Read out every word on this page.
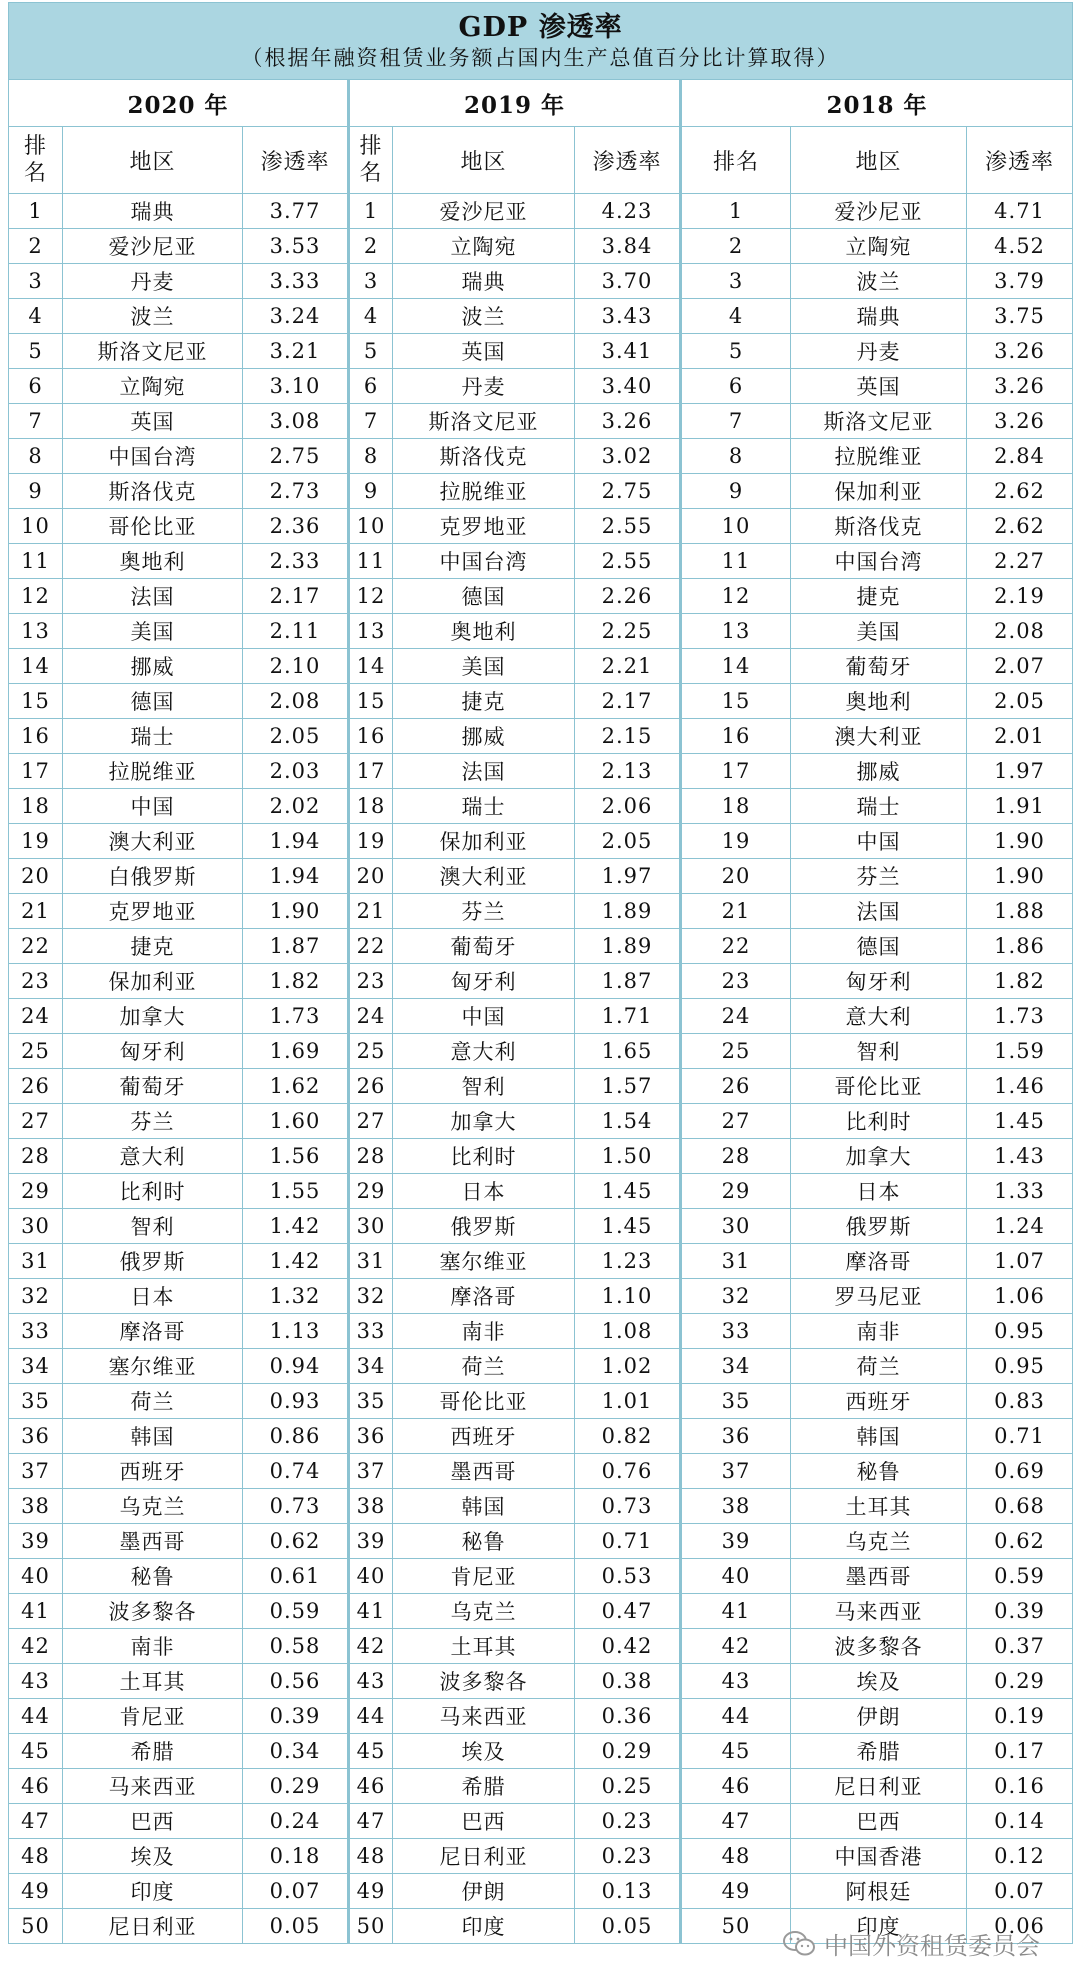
GDP 渗透率
（根据年融资租赁业务额占国内生产总值百分比计算取得）								

2020 年			2019 年			2018 年		
排名	地区	渗透率	排名	地区	渗透率	排名	地区	渗透率
1	瑞典	3.77	1	爱沙尼亚	4.23	1	爱沙尼亚	4.71
2	爱沙尼亚	3.53	2	立陶宛	3.84	2	立陶宛	4.52
3	丹麦	3.33	3	瑞典	3.70	3	波兰	3.79
4	波兰	3.24	4	波兰	3.43	4	瑞典	3.75
5	斯洛文尼亚	3.21	5	英国	3.41	5	丹麦	3.26
6	立陶宛	3.10	6	丹麦	3.40	6	英国	3.26
7	英国	3.08	7	斯洛文尼亚	3.26	7	斯洛文尼亚	3.26
8	中国台湾	2.75	8	斯洛伐克	3.02	8	拉脱维亚	2.84
9	斯洛伐克	2.73	9	拉脱维亚	2.75	9	保加利亚	2.62
10	哥伦比亚	2.36	10	克罗地亚	2.55	10	斯洛伐克	2.62
11	奥地利	2.33	11	中国台湾	2.55	11	中国台湾	2.27
12	法国	2.17	12	德国	2.26	12	捷克	2.19
13	美国	2.11	13	奥地利	2.25	13	美国	2.08
14	挪威	2.10	14	美国	2.21	14	葡萄牙	2.07
15	德国	2.08	15	捷克	2.17	15	奥地利	2.05
16	瑞士	2.05	16	挪威	2.15	16	澳大利亚	2.01
17	拉脱维亚	2.03	17	法国	2.13	17	挪威	1.97
18	中国	2.02	18	瑞士	2.06	18	瑞士	1.91
19	澳大利亚	1.94	19	保加利亚	2.05	19	中国	1.90
20	白俄罗斯	1.94	20	澳大利亚	1.97	20	芬兰	1.90
21	克罗地亚	1.90	21	芬兰	1.89	21	法国	1.88
22	捷克	1.87	22	葡萄牙	1.89	22	德国	1.86
23	保加利亚	1.82	23	匈牙利	1.87	23	匈牙利	1.82
24	加拿大	1.73	24	中国	1.71	24	意大利	1.73
25	匈牙利	1.69	25	意大利	1.65	25	智利	1.59
26	葡萄牙	1.62	26	智利	1.57	26	哥伦比亚	1.46
27	芬兰	1.60	27	加拿大	1.54	27	比利时	1.45
28	意大利	1.56	28	比利时	1.50	28	加拿大	1.43
29	比利时	1.55	29	日本	1.45	29	日本	1.33
30	智利	1.42	30	俄罗斯	1.45	30	俄罗斯	1.24
31	俄罗斯	1.42	31	塞尔维亚	1.23	31	摩洛哥	1.07
32	日本	1.32	32	摩洛哥	1.10	32	罗马尼亚	1.06
33	摩洛哥	1.13	33	南非	1.08	33	南非	0.95
34	塞尔维亚	0.94	34	荷兰	1.02	34	荷兰	0.95
35	荷兰	0.93	35	哥伦比亚	1.01	35	西班牙	0.83
36	韩国	0.86	36	西班牙	0.82	36	韩国	0.71
37	西班牙	0.74	37	墨西哥	0.76	37	秘鲁	0.69
38	乌克兰	0.73	38	韩国	0.73	38	土耳其	0.68
39	墨西哥	0.62	39	秘鲁	0.71	39	乌克兰	0.62
40	秘鲁	0.61	40	肯尼亚	0.53	40	墨西哥	0.59
41	波多黎各	0.59	41	乌克兰	0.47	41	马来西亚	0.39
42	南非	0.58	42	土耳其	0.42	42	波多黎各	0.37
43	土耳其	0.56	43	波多黎各	0.38	43	埃及	0.29
44	肯尼亚	0.39	44	马来西亚	0.36	44	伊朗	0.19
45	希腊	0.34	45	埃及	0.29	45	希腊	0.17
46	马来西亚	0.29	46	希腊	0.25	46	尼日利亚	0.16
47	巴西	0.24	47	巴西	0.23	47	巴西	0.14
48	埃及	0.18	48	尼日利亚	0.23	48	中国香港	0.12
49	印度	0.07	49	伊朗	0.13	49	阿根廷	0.07
50	尼日利亚	0.05	50	印度	0.05	50	印度	0.06
中国外资租赁委员会
